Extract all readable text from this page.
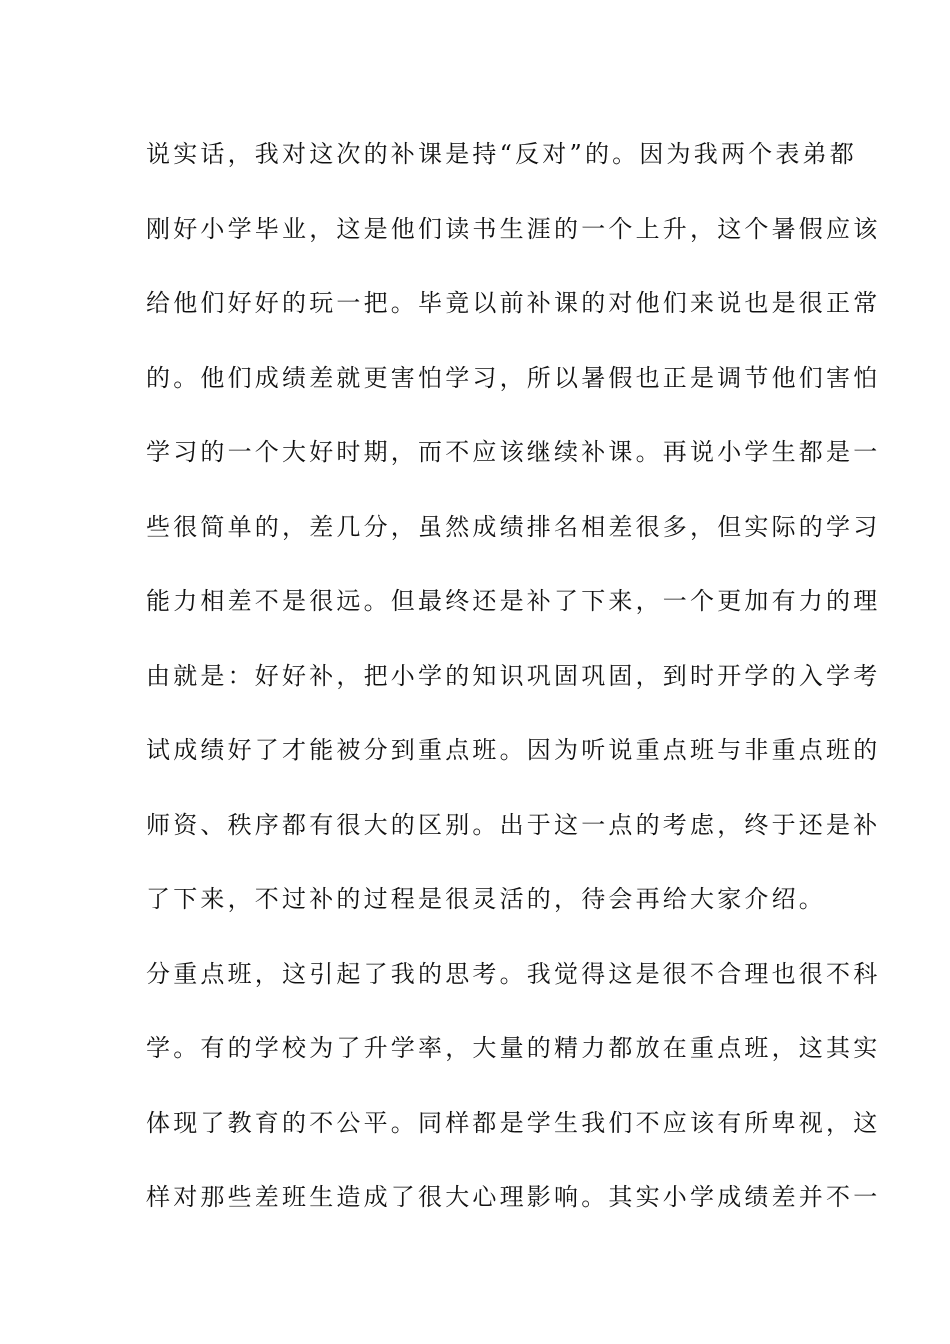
说实话，我对这次的补课是持“反对”的。因为我两个表弟都
刚好小学毕业，这是他们读书生涯的一个上升，这个暑假应该
给他们好好的玩一把。毕竟以前补课的对他们来说也是很正常
的。他们成绩差就更害怕学习，所以暑假也正是调节他们害怕
学习的一个大好时期，而不应该继续补课。再说小学生都是一
些很简单的，差几分，虽然成绩排名相差很多，但实际的学习
能力相差不是很远。但最终还是补了下来，一个更加有力的理
由就是：好好补，把小学的知识巩固巩固，到时开学的入学考
试成绩好了才能被分到重点班。因为听说重点班与非重点班的
师资、秩序都有很大的区别。出于这一点的考虑，终于还是补
了下来，不过补的过程是很灵活的，待会再给大家介绍。
分重点班，这引起了我的思考。我觉得这是很不合理也很不科
学。有的学校为了升学率，大量的精力都放在重点班，这其实
体现了教育的不公平。同样都是学生我们不应该有所卑视，这
样对那些差班生造成了很大心理影响。其实小学成绩差并不一
